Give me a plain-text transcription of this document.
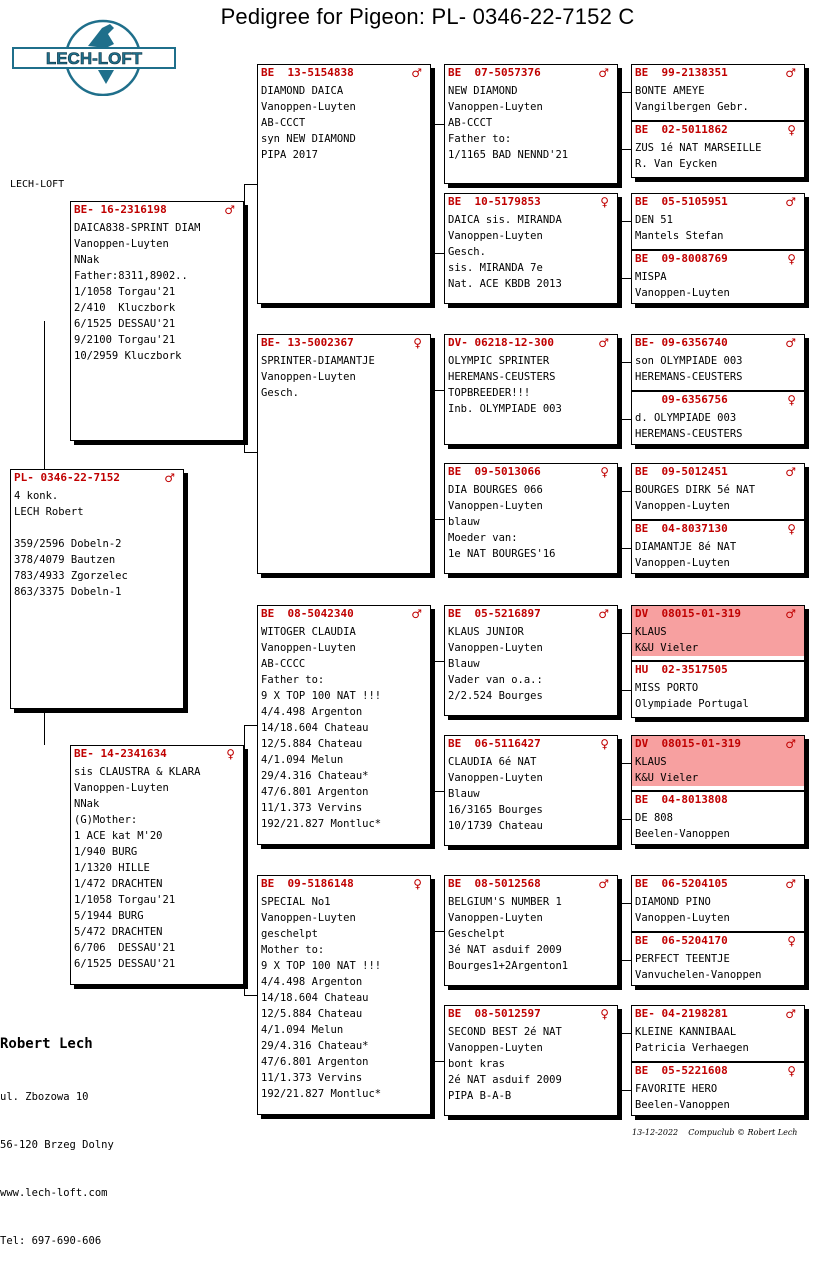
Pedigree for Pigeon: PL- 0346-22-7152 C
LECH-LOFT
LECH-LOFT
PL- 0346-22-7152	♂
4 konk.
LECH Robert

359/2596 Dobeln-2
378/4079 Bautzen
783/4933 Zgorzelec
863/3375 Dobeln-1
BE- 16-2316198	♂
DAICA838-SPRINT DIAM
Vanoppen-Luyten
NNak
Father:8311,8902..
1/1058 Torgau'21
2/410  Kluczbork
6/1525 DESSAU'21
9/2100 Torgau'21
10/2959 Kluczbork
BE- 14-2341634	♀
sis CLAUSTRA & KLARA
Vanoppen-Luyten
NNak
(G)Mother:
1 ACE kat M'20
1/940 BURG
1/1320 HILLE
1/472 DRACHTEN
1/1058 Torgau'21
5/1944 BURG
5/472 DRACHTEN
6/706  DESSAU'21
6/1525 DESSAU'21
BE  13-5154838	♂
DIAMOND DAICA
Vanoppen-Luyten
AB-CCCT
syn NEW DIAMOND
PIPA 2017
BE- 13-5002367	♀
SPRINTER-DIAMANTJE
Vanoppen-Luyten
Gesch.
BE  08-5042340	♂
WITOGER CLAUDIA
Vanoppen-Luyten
AB-CCCC
Father to:
9 X TOP 100 NAT !!!
4/4.498 Argenton
14/18.604 Chateau
12/5.884 Chateau
4/1.094 Melun
29/4.316 Chateau*
47/6.801 Argenton
11/1.373 Vervins
192/21.827 Montluc*
BE  09-5186148	♀
SPECIAL No1
Vanoppen-Luyten
geschelpt
Mother to:
9 X TOP 100 NAT !!!
4/4.498 Argenton
14/18.604 Chateau
12/5.884 Chateau
4/1.094 Melun
29/4.316 Chateau*
47/6.801 Argenton
11/1.373 Vervins
192/21.827 Montluc*
BE  07-5057376	♂
NEW DIAMOND
Vanoppen-Luyten
AB-CCCT
Father to:
1/1165 BAD NENND'21
BE  10-5179853	♀
DAICA sis. MIRANDA
Vanoppen-Luyten
Gesch.
sis. MIRANDA 7e
Nat. ACE KBDB 2013
DV- 06218-12-300	♂
OLYMPIC SPRINTER
HEREMANS-CEUSTERS
TOPBREEDER!!!
Inb. OLYMPIADE 003
BE  09-5013066	♀
DIA BOURGES 066
Vanoppen-Luyten
blauw
Moeder van:
1e NAT BOURGES'16
BE  05-5216897	♂
KLAUS JUNIOR
Vanoppen-Luyten
Blauw
Vader van o.a.:
2/2.524 Bourges
BE  06-5116427	♀
CLAUDIA 6é NAT
Vanoppen-Luyten
Blauw
16/3165 Bourges
10/1739 Chateau
BE  08-5012568	♂
BELGIUM'S NUMBER 1
Vanoppen-Luyten
Geschelpt
3é NAT asduif 2009
Bourges1+2Argenton1
BE  08-5012597	♀
SECOND BEST 2é NAT
Vanoppen-Luyten
bont kras
2é NAT asduif 2009
PIPA B-A-B
BE  99-2138351	♂
BONTE AMEYE
Vangilbergen Gebr.
BE  02-5011862	♀
ZUS 1é NAT MARSEILLE
R. Van Eycken
BE  05-5105951	♂
DEN 51
Mantels Stefan
BE  09-8008769	♀
MISPA
Vanoppen-Luyten
BE- 09-6356740	♂
son OLYMPIADE 003
HEREMANS-CEUSTERS
09-6356756	♀
d. OLYMPIADE 003
HEREMANS-CEUSTERS
BE  09-5012451	♂
BOURGES DIRK 5é NAT
Vanoppen-Luyten
BE  04-8037130	♀
DIAMANTJE 8é NAT
Vanoppen-Luyten
DV  08015-01-319	♂
KLAUS
K&U Vieler
HU  02-3517505
MISS PORTO
Olympiade Portugal
DV  08015-01-319	♂
KLAUS
K&U Vieler
BE  04-8013808
DE 808
Beelen-Vanoppen
BE  06-5204105	♂
DIAMOND PINO
Vanoppen-Luyten
BE  06-5204170	♀
PERFECT TEENTJE
Vanvuchelen-Vanoppen
BE- 04-2198281	♂
KLEINE KANNIBAAL
Patricia Verhaegen
BE  05-5221608	♀
FAVORITE HERO
Beelen-Vanoppen
Robert Lech

ul. Zbozowa 10

56-120 Brzeg Dolny

www.lech-loft.com

Tel: 697-690-606

13-12-2022    Compuclub © Robert Lech
